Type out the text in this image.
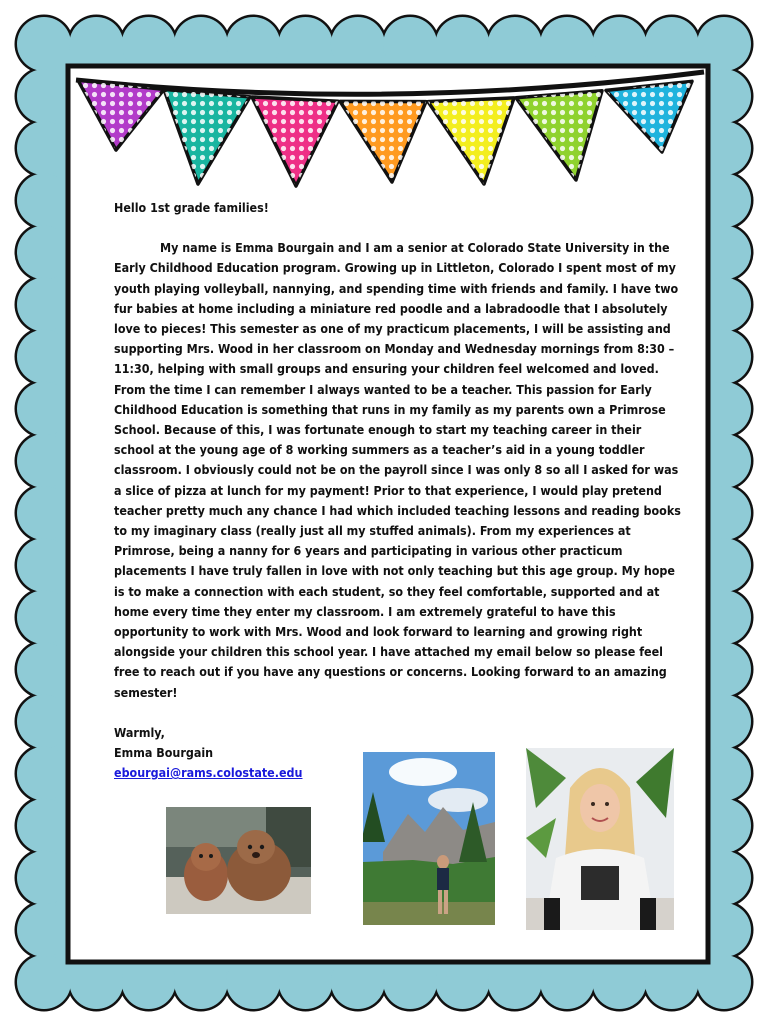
Hello 1st grade families!

My name is Emma Bourgain and I am a senior at Colorado State University in the Early Childhood Education program. Growing up in Littleton, Colorado I spent most of my youth playing volleyball, nannying, and spending time with friends and family. I have two fur babies at home including a miniature red poodle and a labradoodle that I absolutely love to pieces! This semester as one of my practicum placements, I will be assisting and supporting Mrs. Wood in her classroom on Monday and Wednesday mornings from 8:30 – 11:30, helping with small groups and ensuring your children feel welcomed and loved. From the time I can remember I always wanted to be a teacher. This passion for Early Childhood Education is something that runs in my family as my parents own a Primrose School. Because of this, I was fortunate enough to start my teaching career in their school at the young age of 8 working summers as a teacher’s aid in a young toddler classroom. I obviously could not be on the payroll since I was only 8 so all I asked for was a slice of pizza at lunch for my payment! Prior to that experience, I would play pretend teacher pretty much any chance I had which included teaching lessons and reading books to my imaginary class (really just all my stuffed animals). From my experiences at Primrose, being a nanny for 6 years and participating in various other practicum placements I have truly fallen in love with not only teaching but this age group. My hope is to make a connection with each student, so they feel comfortable, supported and at home every time they enter my classroom. I am extremely grateful to have this opportunity to work with Mrs. Wood and look forward to learning and growing right alongside your children this school year. I have attached my email below so please feel free to reach out if you have any questions or concerns. Looking forward to an amazing semester!

Warmly,
Emma Bourgain
ebourgai@rams.colostate.edu
